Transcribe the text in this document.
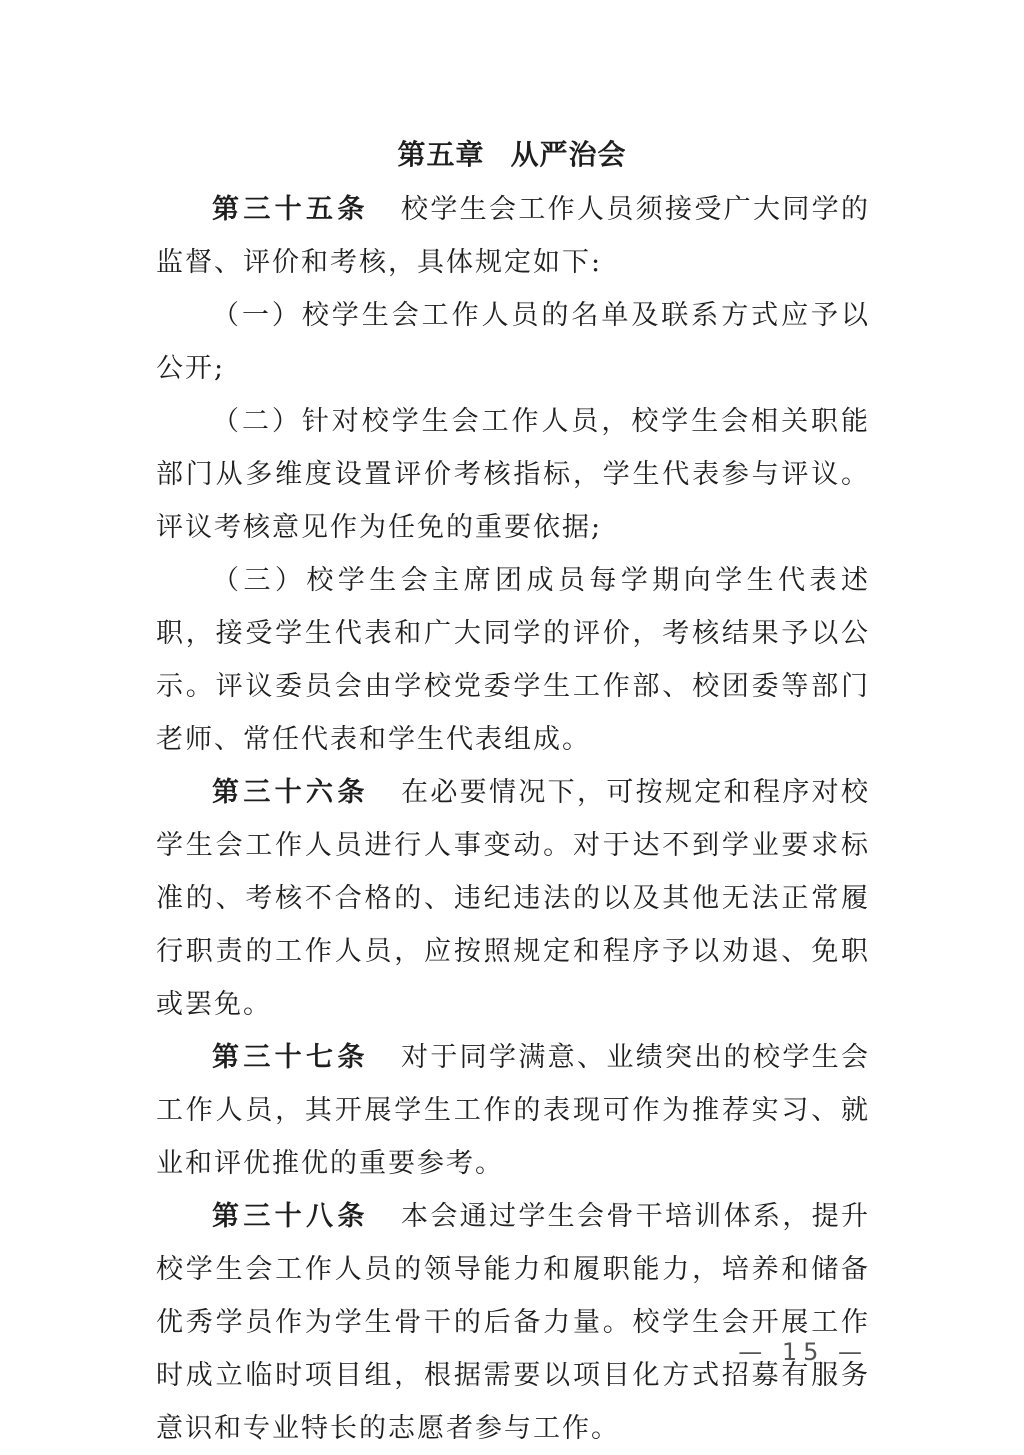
第五章 从严治会

第三十五条 校学生会工作人员须接受广大同学的监督、评价和考核，具体规定如下:

（一）校学生会工作人员的名单及联系方式应予以公开;

（二）针对校学生会工作人员，校学生会相关职能部门从多维度设置评价考核指标，学生代表参与评议。评议考核意见作为任免的重要依据;

（三）校学生会主席团成员每学期向学生代表述职，接受学生代表和广大同学的评价，考核结果予以公示。评议委员会由学校党委学生工作部、校团委等部门老师、常任代表和学生代表组成。

第三十六条 在必要情况下，可按规定和程序对校学生会工作人员进行人事变动。对于达不到学业要求标准的、考核不合格的、违纪违法的以及其他无法正常履行职责的工作人员，应按照规定和程序予以劝退、免职或罢免。

第三十七条 对于同学满意、业绩突出的校学生会工作人员，其开展学生工作的表现可作为推荐实习、就业和评优推优的重要参考。

第三十八条 本会通过学生会骨干培训体系，提升校学生会工作人员的领导能力和履职能力，培养和储备优秀学员作为学生骨干的后备力量。校学生会开展工作时成立临时项目组，根据需要以项目化方式招募有服务意识和专业特长的志愿者参与工作。

— 15 —
